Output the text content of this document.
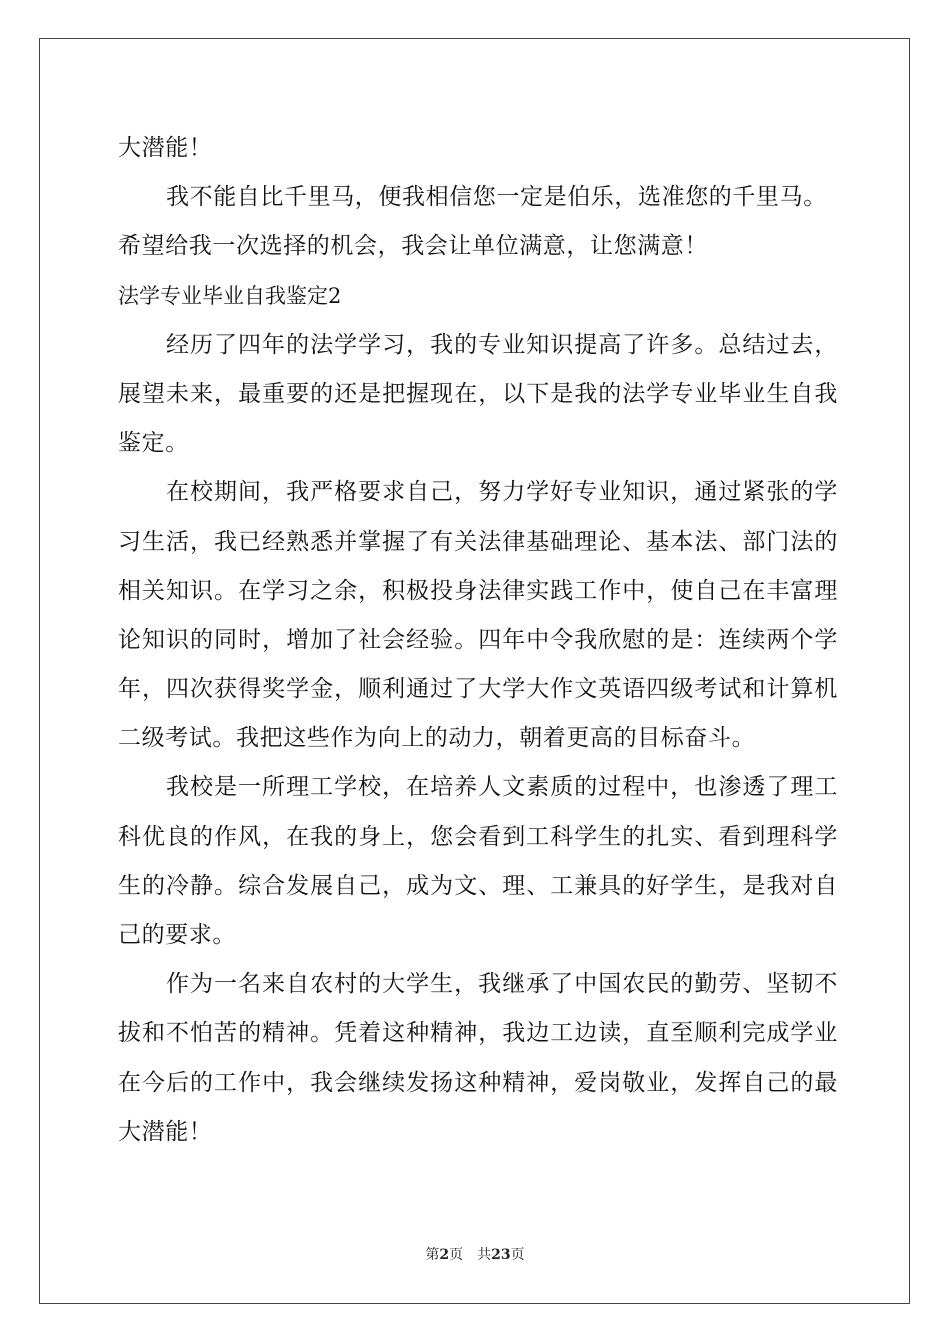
大潜能！
我不能自比千里马，便我相信您一定是伯乐，选准您的千里马。
希望给我一次选择的机会，我会让单位满意，让您满意！
法学专业毕业自我鉴定2
经历了四年的法学学习，我的专业知识提高了许多。总结过去，
展望未来，最重要的还是把握现在，以下是我的法学专业毕业生自我
鉴定。
在校期间，我严格要求自己，努力学好专业知识，通过紧张的学
习生活，我已经熟悉并掌握了有关法律基础理论、基本法、部门法的
相关知识。在学习之余，积极投身法律实践工作中，使自己在丰富理
论知识的同时，增加了社会经验。四年中令我欣慰的是：连续两个学
年，四次获得奖学金，顺利通过了大学大作文英语四级考试和计算机
二级考试。我把这些作为向上的动力，朝着更高的目标奋斗。
我校是一所理工学校，在培养人文素质的过程中，也渗透了理工
科优良的作风，在我的身上，您会看到工科学生的扎实、看到理科学
生的冷静。综合发展自己，成为文、理、工兼具的好学生，是我对自
己的要求。
作为一名来自农村的大学生，我继承了中国农民的勤劳、坚韧不
拔和不怕苦的精神。凭着这种精神，我边工边读，直至顺利完成学业
在今后的工作中，我会继续发扬这种精神，爱岗敬业，发挥自己的最
大潜能！
第2页 共23页
